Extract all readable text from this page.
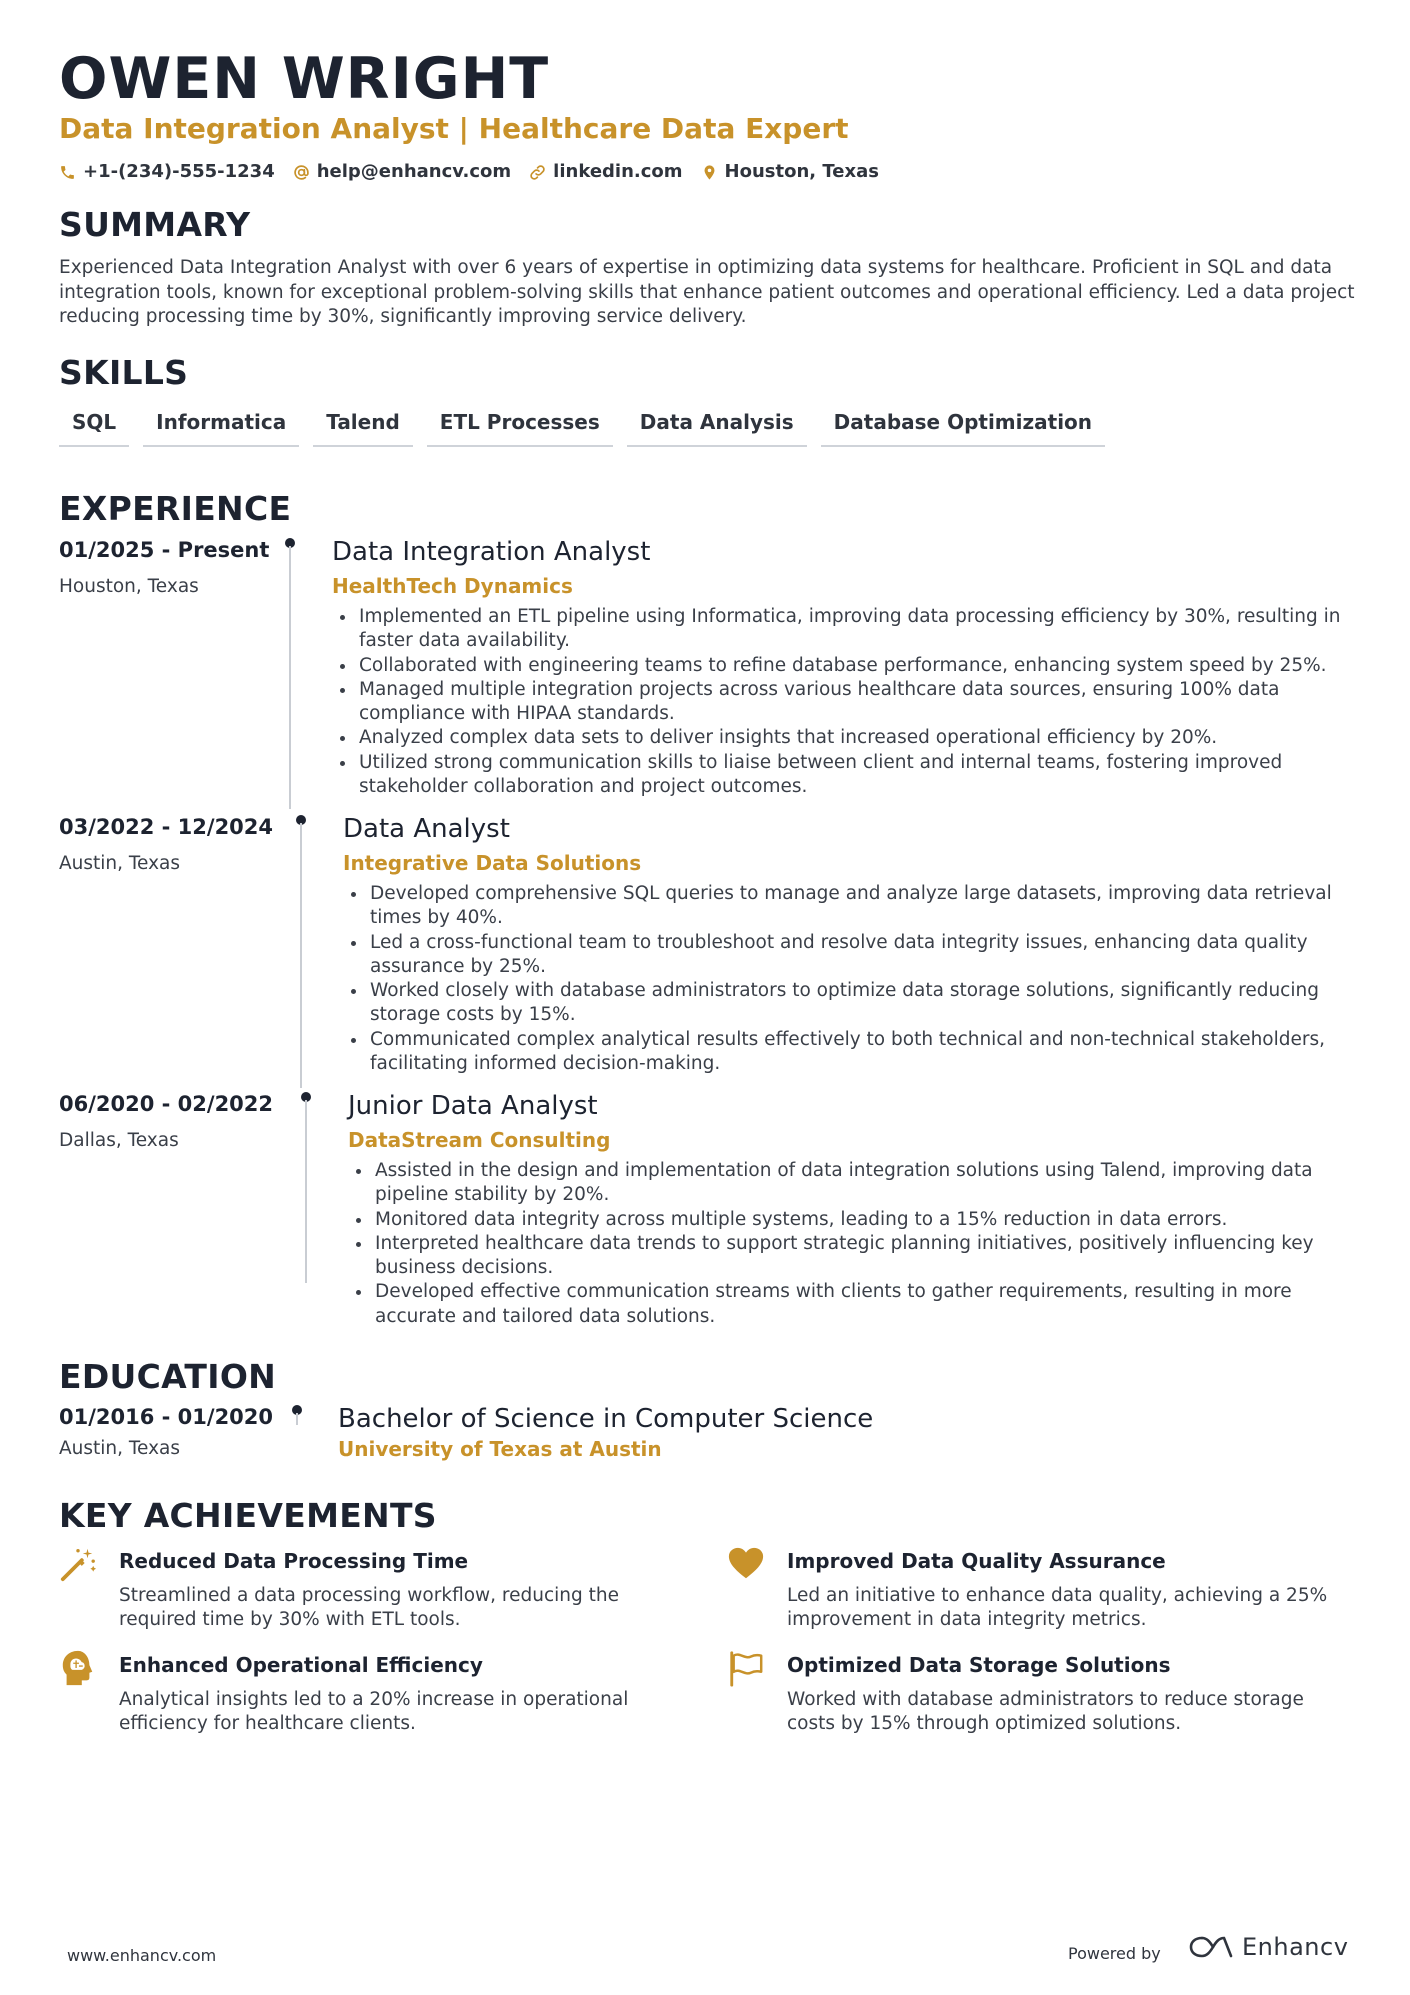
OWEN WRIGHT
Data Integration Analyst | Healthcare Data Expert
+1-(234)-555-1234 help@enhancv.com linkedin.com Houston, Texas
SUMMARY
Experienced Data Integration Analyst with over 6 years of expertise in optimizing data systems for healthcare. Proficient in SQL and data integration tools, known for exceptional problem-solving skills that enhance patient outcomes and operational efficiency. Led a data project reducing processing time by 30%, significantly improving service delivery.
SKILLS
SQL	Informatica	Talend	ETL Processes	Data Analysis	Database Optimization
EXPERIENCE
01/2025 - Present
Houston, Texas
Data Integration Analyst
HealthTech Dynamics
Implemented an ETL pipeline using Informatica, improving data processing efficiency by 30%, resulting in faster data availability.
Collaborated with engineering teams to refine database performance, enhancing system speed by 25%.
Managed multiple integration projects across various healthcare data sources, ensuring 100% data compliance with HIPAA standards.
Analyzed complex data sets to deliver insights that increased operational efficiency by 20%.
Utilized strong communication skills to liaise between client and internal teams, fostering improved stakeholder collaboration and project outcomes.
03/2022 - 12/2024
Austin, Texas
Data Analyst
Integrative Data Solutions
Developed comprehensive SQL queries to manage and analyze large datasets, improving data retrieval times by 40%.
Led a cross-functional team to troubleshoot and resolve data integrity issues, enhancing data quality assurance by 25%.
Worked closely with database administrators to optimize data storage solutions, significantly reducing storage costs by 15%.
Communicated complex analytical results effectively to both technical and non-technical stakeholders, facilitating informed decision-making.
06/2020 - 02/2022
Dallas, Texas
Junior Data Analyst
DataStream Consulting
Assisted in the design and implementation of data integration solutions using Talend, improving data pipeline stability by 20%.
Monitored data integrity across multiple systems, leading to a 15% reduction in data errors.
Interpreted healthcare data trends to support strategic planning initiatives, positively influencing key business decisions.
Developed effective communication streams with clients to gather requirements, resulting in more accurate and tailored data solutions.
EDUCATION
01/2016 - 01/2020
Austin, Texas
Bachelor of Science in Computer Science
University of Texas at Austin
KEY ACHIEVEMENTS
Reduced Data Processing Time
Streamlined a data processing workflow, reducing the required time by 30% with ETL tools.
Improved Data Quality Assurance
Led an initiative to enhance data quality, achieving a 25% improvement in data integrity metrics.
Enhanced Operational Efficiency
Analytical insights led to a 20% increase in operational efficiency for healthcare clients.
Optimized Data Storage Solutions
Worked with database administrators to reduce storage costs by 15% through optimized solutions.
www.enhancv.com	Powered by	Enhancv
